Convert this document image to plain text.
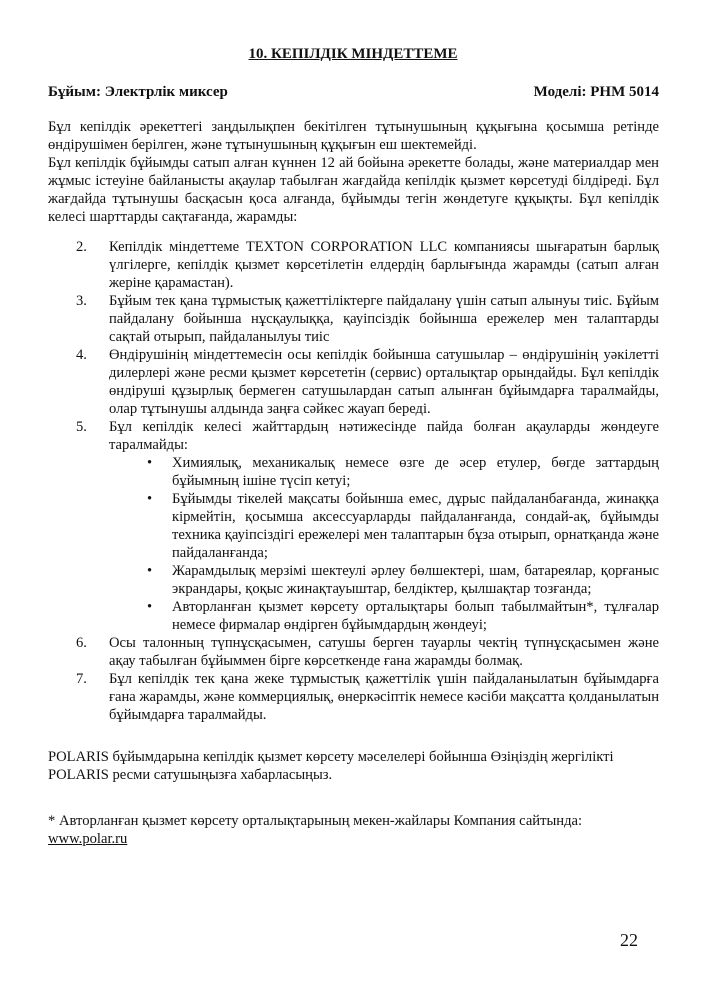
10. КЕПІЛДІК МІНДЕТТЕМЕ
Бұйым: Электрлік миксер	Моделі: PHM 5014

Бұл кепілдік әрекеттегі заңдылықпен бекітілген тұтынушының құқығына қосымша ретінде өндірушімен берілген, және тұтынушының құқығын еш шектемейді.

Бұл кепілдік бұйымды сатып алған күннен 12 ай бойына әрекетте болады, және материалдар мен жұмыс істеуіне байланысты ақаулар табылған жағдайда кепілдік қызмет көрсетуді білдіреді. Бұл жағдайда тұтынушы басқасын қоса алғанда, бұйымды тегін жөндетуге құқықты. Бұл кепілдік келесі шарттарды сақтағанда, жарамды:

2.	Кепілдік міндеттеме TEXTON CORPORATION LLC компаниясы шығаратын барлық үлгілерге, кепілдік қызмет көрсетілетін елдердің барлығында жарамды (сатып алған жеріне қарамастан).
3.	Бұйым тек қана тұрмыстық қажеттіліктерге пайдалану үшін сатып алынуы тиіс. Бұйым пайдалану бойынша нұсқаулыққа, қауіпсіздік бойынша ережелер мен талаптарды сақтай отырып, пайдаланылуы тиіс
4.	Өндірушінің міндеттемесін осы кепілдік бойынша сатушылар – өндірушінің уәкілетті дилерлері және ресми қызмет көрсететін (сервис) орталықтар орындайды. Бұл кепілдік өндіруші құзырлық бермеген сатушылардан сатып алынған бұйымдарға таралмайды, олар тұтынушы алдында заңға сәйкес жауап береді.
5.	Бұл кепілдік келесі жайттардың нәтижесінде пайда болған ақауларды жөндеуге таралмайды:
•	Химиялық, механикалық немесе өзге де әсер етулер, бөгде заттардың бұйымның ішіне түсіп кетуі;
•	Бұйымды тікелей мақсаты бойынша емес, дұрыс пайдаланбағанда, жинаққа кірмейтін, қосымша аксессуарларды пайдаланғанда, сондай-ақ, бұйымды техника қауіпсіздігі ережелері мен талаптарын бұза отырып, орнатқанда және пайдаланғанда;
•	Жарамдылық мерзімі шектеулі әрлеу бөлшектері, шам, батареялар, қорғаныс экрандары, қоқыс жинақтауыштар, белдіктер, қылшақтар тозғанда;
•	Авторланған қызмет көрсету орталықтары болып табылмайтын*, тұлғалар немесе фирмалар өндірген бұйымдардың жөндеуі;
6.	Осы талонның түпнұсқасымен, сатушы берген тауарлы чектің түпнұсқасымен және ақау табылған бұйыммен бірге көрсеткенде ғана жарамды болмақ.
7.	Бұл кепілдік тек қана жеке тұрмыстық қажеттілік үшін пайдаланылатын бұйымдарға ғана жарамды, және коммерциялық, өнеркәсіптік немесе кәсіби мақсатта қолданылатын бұйымдарға таралмайды.
POLARIS бұйымдарына кепілдік қызмет көрсету мәселелері бойынша Өзіңіздің жергілікті
POLARIS ресми сатушыңызға хабарласыңыз.
* Авторланған қызмет көрсету орталықтарының мекен-жайлары Компания сайтында:
www.polar.ru
22
